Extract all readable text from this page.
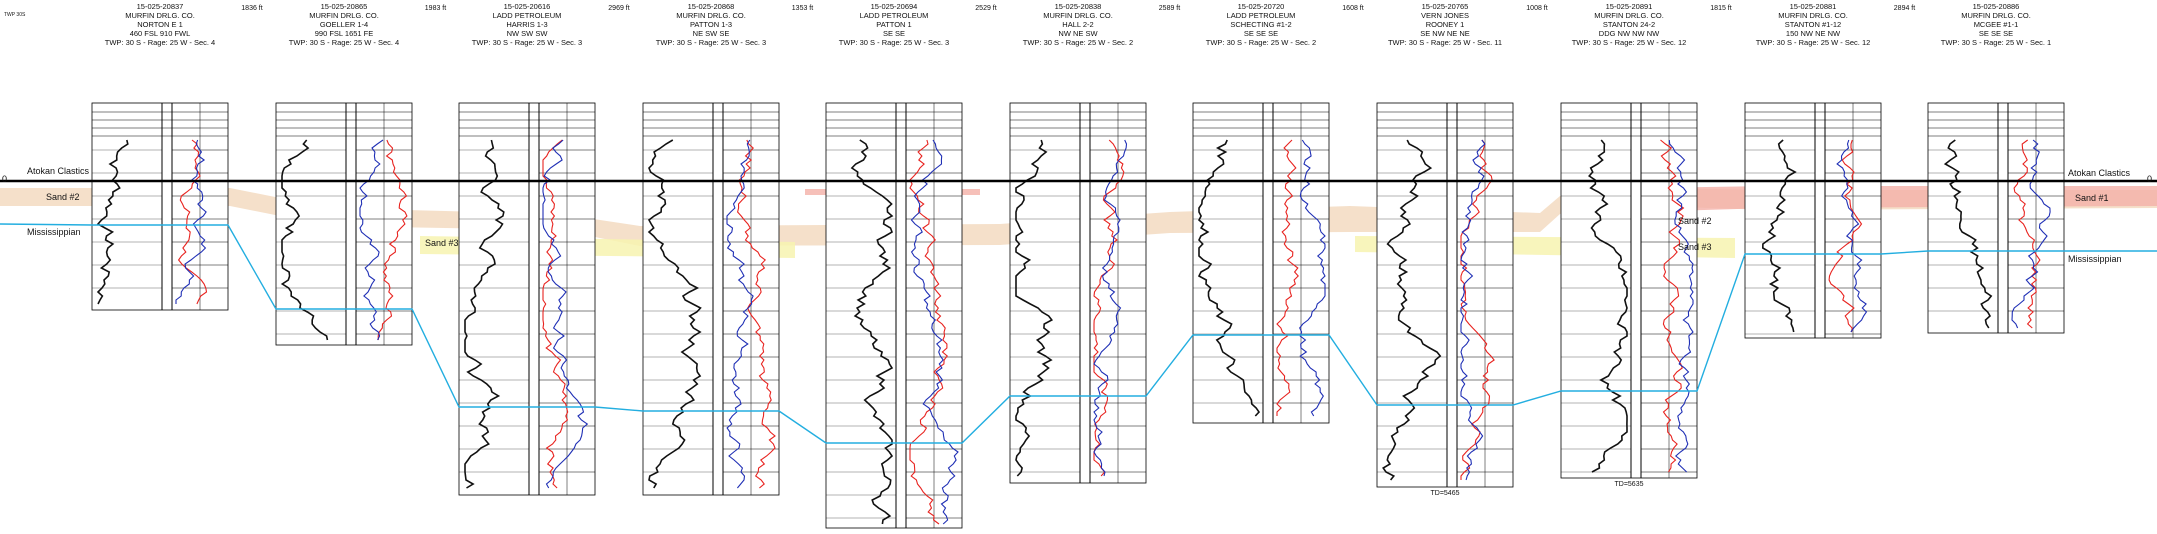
TWP 30S
0	0
15-025-20837
MURFIN DRLG. CO.
NORTON E 1
460 FSL 910 FWL
TWP: 30 S - Rage: 25 W - Sec. 4
15-025-20865
MURFIN DRLG. CO.
GOELLER 1-4
990 FSL 1651 FE
TWP: 30 S - Rage: 25 W - Sec. 4
15-025-20616
LADD PETROLEUM
HARRIS 1-3
NW SW SW
TWP: 30 S - Rage: 25 W - Sec. 3
15-025-20868
MURFIN DRLG. CO.
PATTON 1-3
NE SW SE
TWP: 30 S - Rage: 25 W - Sec. 3
15-025-20694
LADD PETROLEUM
PATTON 1
SE SE
TWP: 30 S - Rage: 25 W - Sec. 3
15-025-20838
MURFIN DRLG. CO.
HALL 2-2
NW NE SW
TWP: 30 S - Rage: 25 W - Sec. 2
15-025-20720
LADD PETROLEUM
SCHECTING #1-2
SE SE SE
TWP: 30 S - Rage: 25 W - Sec. 2
15-025-20765
VERN JONES
ROONEY 1
SE NW NE NE
TWP: 30 S - Rage: 25 W - Sec. 11
15-025-20891
MURFIN DRLG. CO.
STANTON 24-2
DDG NW NW NW
TWP: 30 S - Rage: 25 W - Sec. 12
15-025-20881
MURFIN DRLG. CO.
STANTON #1-12
150 NW NE NW
TWP: 30 S - Rage: 25 W - Sec. 12
15-025-20886
MURFIN DRLG. CO.
MCGEE #1-1
SE SE SE
TWP: 30 S - Rage: 25 W - Sec. 1
1836 ft	1983 ft	2969 ft	1353 ft	2529 ft	2589 ft	1608 ft	1008 ft	1815 ft	2894 ft
Atokan Clastics
Sand #2
Mississippian
Sand #3
Sand #2
Sand #3
Atokan Clastics
Sand #1
Mississippian
TD=5465
TD=5635
